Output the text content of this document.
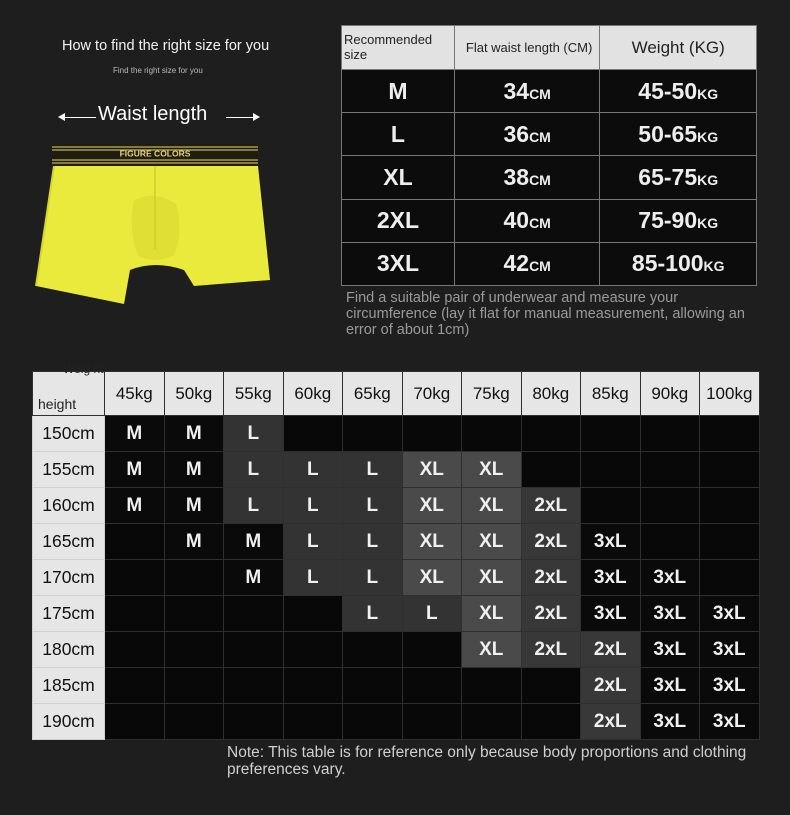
How to find the right size for you
Find the right size for you
Waist length
FIGURE COLORS
Recommended size	Flat waist length (CM)	Weight (KG)
M	34CM	45-50KG
L	36CM	50-65KG
XL	38CM	65-75KG
2XL	40CM	75-90KG
3XL	42CM	85-100KG
Find a suitable pair of underwear and measure your circumference (lay it flat for manual measurement, allowing an error of about 1cm)
Weig ht
height	45kg	50kg	55kg	60kg	65kg	70kg	75kg	80kg	85kg	90kg	100kg
150cm	M	M	L								
155cm	M	M	L	L	L	XL	XL				
160cm	M	M	L	L	L	XL	XL	2xL			
165cm		M	M	L	L	XL	XL	2xL	3xL		
170cm			M	L	L	XL	XL	2xL	3xL	3xL	
175cm					L	L	XL	2xL	3xL	3xL	3xL
180cm							XL	2xL	2xL	3xL	3xL
185cm									2xL	3xL	3xL
190cm									2xL	3xL	3xL
Note: This table is for reference only because body proportions and clothing preferences vary.
